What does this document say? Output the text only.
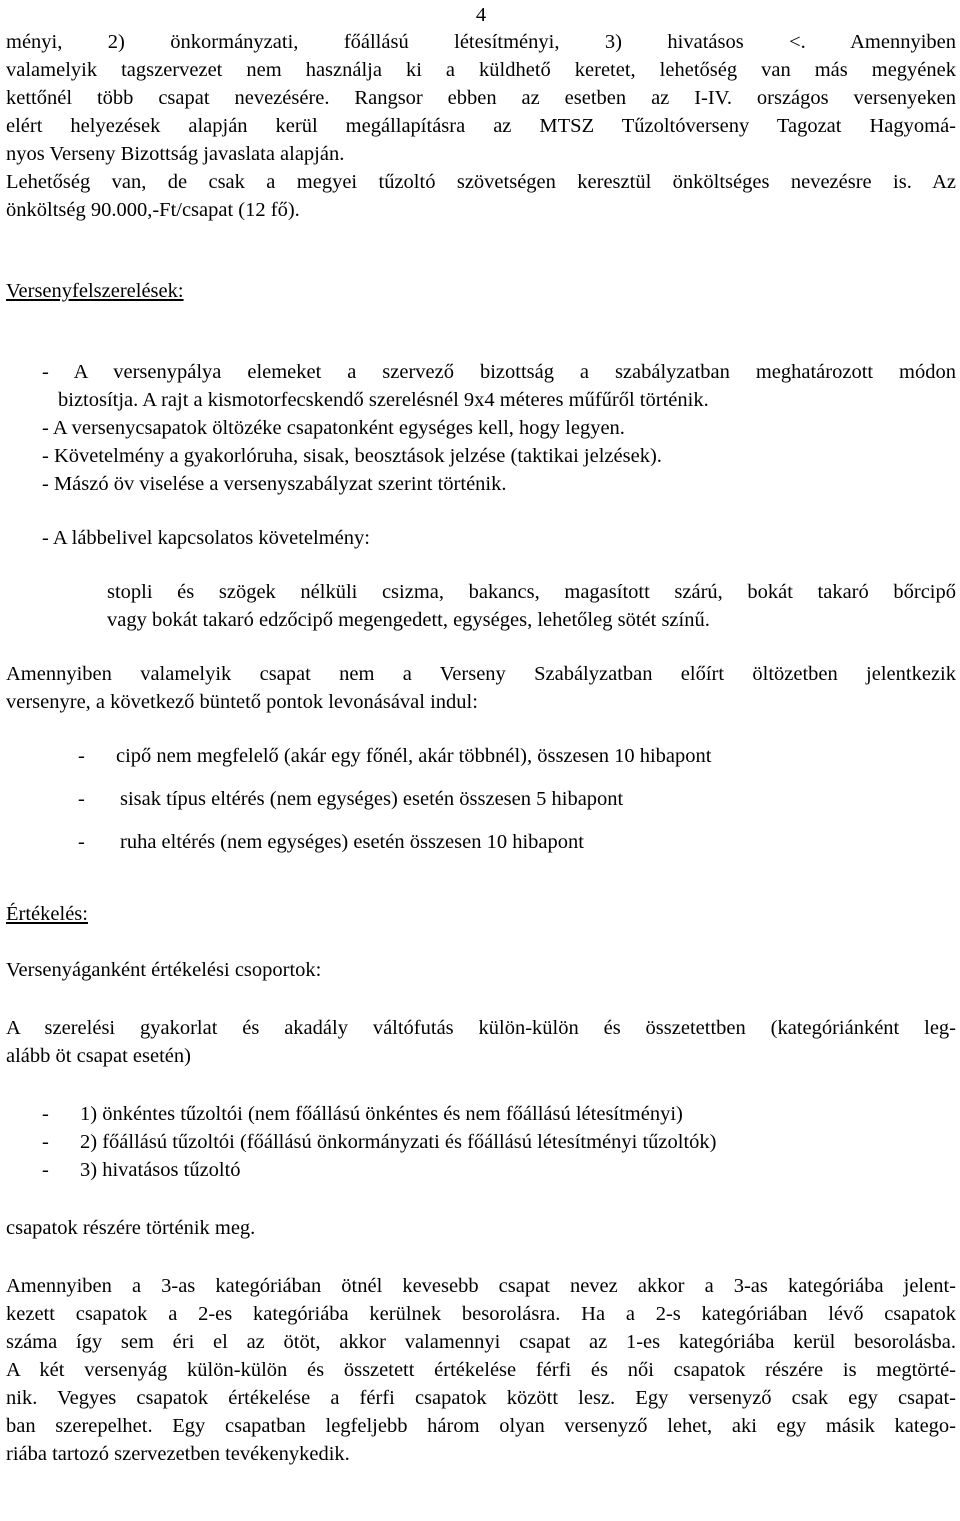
4

ményi, 2) önkormányzati, főállású létesítményi, 3) hivatásos <. Amennyiben

valamelyik tagszervezet nem használja ki a küldhető keretet, lehetőség van más megyének

kettőnél több csapat nevezésére. Rangsor ebben az esetben az I-IV. országos versenyeken

elért helyezések alapján kerül megállapításra az MTSZ Tűzoltóverseny Tagozat Hagyomá-

nyos Verseny Bizottság javaslata alapján.

Lehetőség van, de csak a megyei tűzoltó szövetségen keresztül önköltséges nevezésre is. Az

önköltség 90.000,-Ft/csapat (12 fő).

Versenyfelszerelések:

- A versenypálya elemeket a szervező bizottság a szabályzatban meghatározott módon

biztosítja. A rajt a kismotorfecskendő szerelésnél 9x4 méteres műfűről történik.

- A versenycsapatok öltözéke csapatonként egységes kell, hogy legyen.

- Követelmény a gyakorlóruha, sisak, beosztások jelzése (taktikai jelzések).

- Mászó öv viselése a versenyszabályzat szerint történik.

- A lábbelivel kapcsolatos követelmény:

stopli és szögek nélküli csizma, bakancs, magasított szárú, bokát takaró bőrcipő

vagy bokát takaró edzőcipő megengedett, egységes, lehetőleg sötét színű.

Amennyiben valamelyik csapat nem a Verseny Szabályzatban előírt öltözetben jelentkezik

versenyre, a következő büntető pontok levonásával indul:

-	cipő nem megfelelő (akár egy főnél, akár többnél), összesen 10 hibapont
-	sisak típus eltérés (nem egységes) esetén összesen 5 hibapont
-	ruha eltérés (nem egységes) esetén összesen 10 hibapont

Értékelés:

Versenyáganként értékelési csoportok:

A szerelési gyakorlat és akadály váltófutás külön-külön és összetettben (kategóriánként leg-

alább öt csapat esetén)

-	1) önkéntes tűzoltói (nem főállású önkéntes és nem főállású létesítményi)
-	2) főállású tűzoltói (főállású önkormányzati és főállású létesítményi tűzoltók)
-	3) hivatásos tűzoltó

csapatok részére történik meg.

Amennyiben a 3-as kategóriában ötnél kevesebb csapat nevez akkor a 3-as kategóriába jelent-

kezett csapatok a 2-es kategóriába kerülnek besorolásra. Ha a 2-s kategóriában lévő csapatok

száma így sem éri el az ötöt, akkor valamennyi csapat az 1-es kategóriába kerül besorolásba.

A két versenyág külön-külön és összetett értékelése férfi és női csapatok részére is megtörté-

nik. Vegyes csapatok értékelése a férfi csapatok között lesz. Egy versenyző csak egy csapat-

ban szerepelhet. Egy csapatban legfeljebb három olyan versenyző lehet, aki egy másik katego-

riába tartozó szervezetben tevékenykedik.
